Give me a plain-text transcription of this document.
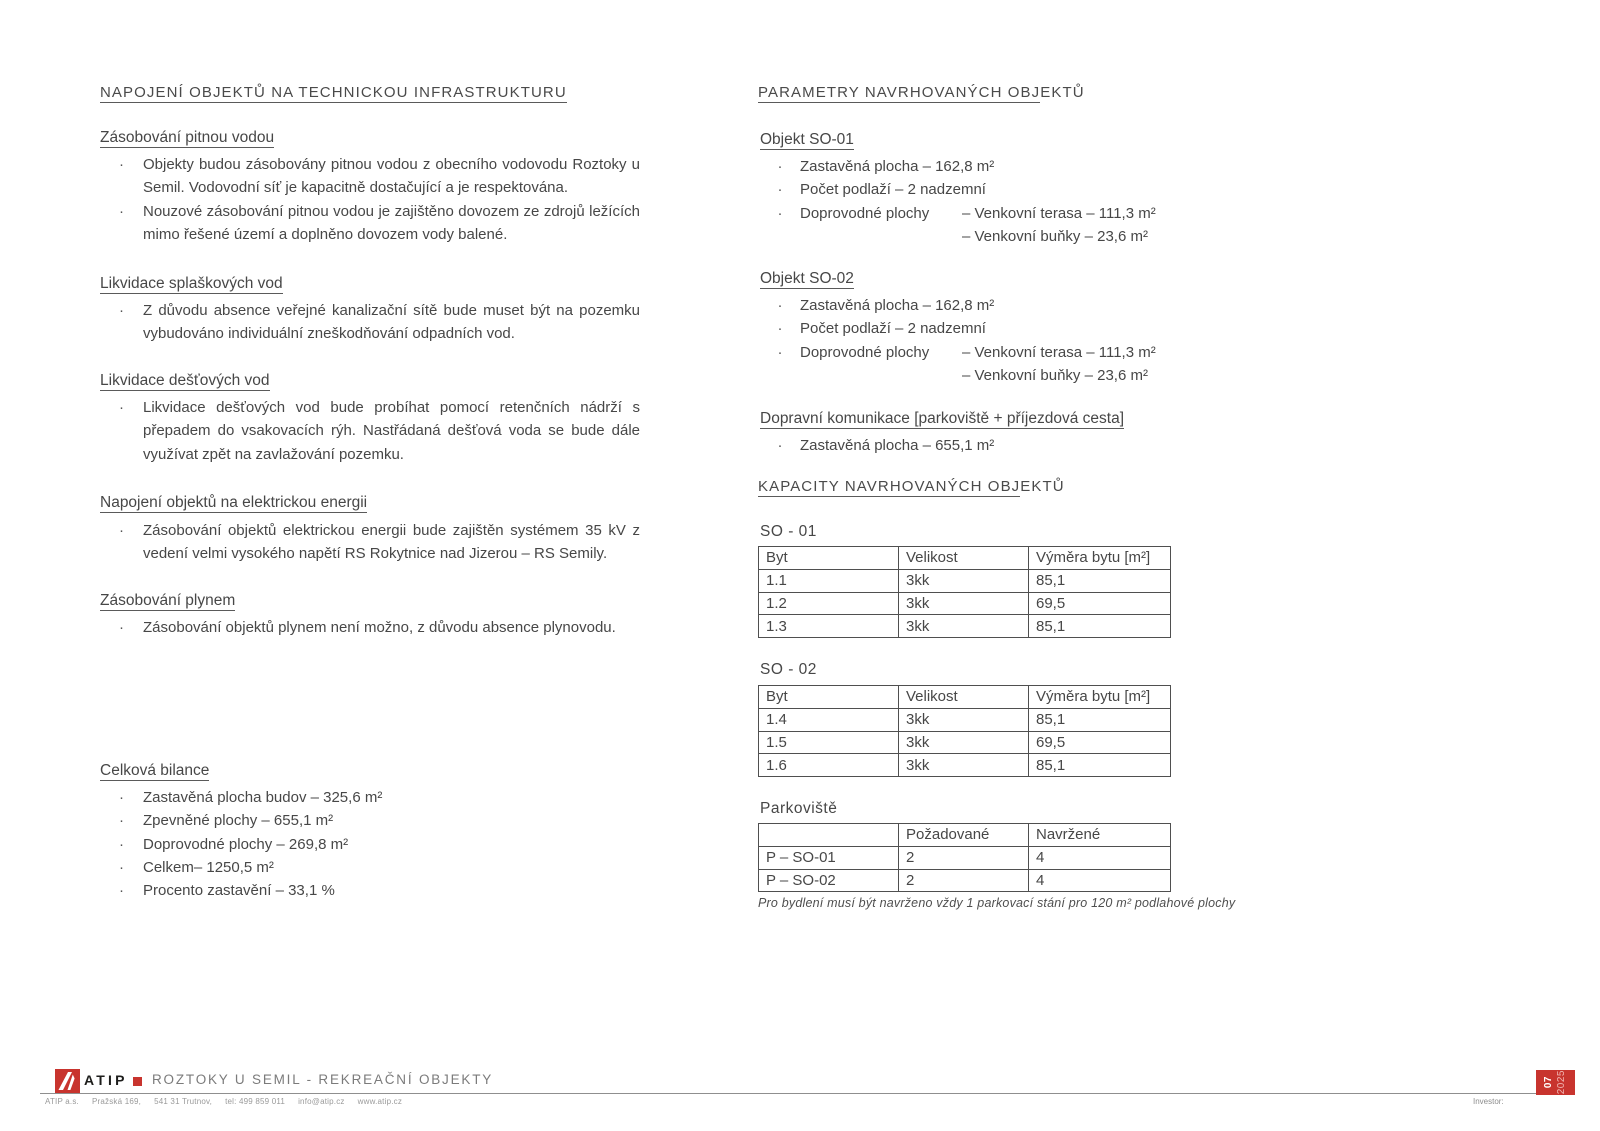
NAPOJENÍ OBJEKTŮ NA TECHNICKOU INFRASTRUKTURU
Zásobování pitnou vodou
·	Objekty budou zásobovány pitnou vodou z obecního vodovodu Roztoky u Semil. Vodovodní síť je kapacitně dostačující a je respektována.

·	Nouzové zásobování pitnou vodou je zajištěno dovozem ze zdrojů ležících mimo řešené území a doplněno dovozem vody balené.

Likvidace splaškových vod
·	Z důvodu absence veřejné kanalizační sítě bude muset být na pozemku vybudováno individuální zneškodňování odpadních vod.

Likvidace dešťových vod
·	Likvidace dešťových vod bude probíhat pomocí retenčních nádrží s přepadem do vsakovacích rýh. Nastřádaná dešťová voda se bude dále využívat zpět na zavlažování pozemku.

Napojení objektů na elektrickou energii
·	Zásobování objektů elektrickou energii bude zajištěn systémem 35 kV z vedení velmi vysokého napětí RS Rokytnice nad Jizerou – RS Semily.

Zásobování plynem
·	Zásobování objektů plynem není možno, z důvodu absence plynovodu.

Celková bilance
·	Zastavěná plocha budov – 325,6 m²

·	Zpevněné plochy – 655,1 m²

·	Doprovodné plochy – 269,8 m²

·	Celkem– 1250,5 m²

·	Procento zastavění – 33,1 %

PARAMETRY NAVRHOVANÝCH OBJEKTŮ
Objekt SO-01
·	Zastavěná plocha – 162,8 m²

·	Počet podlaží – 2 nadzemní

·	Doprovodné plochy	– Venkovní terasa – 111,3 m²
– Venkovní buňky – 23,6 m²
Objekt SO-02
·	Zastavěná plocha – 162,8 m²

·	Počet podlaží – 2 nadzemní

·	Doprovodné plochy	– Venkovní terasa – 111,3 m²
– Venkovní buňky – 23,6 m²
Dopravní komunikace [parkoviště + příjezdová cesta]
·	Zastavěná plocha – 655,1 m²

KAPACITY NAVRHOVANÝCH OBJEKTŮ
SO - 01
Byt	Velikost	Výměra bytu [m²]
1.1	3kk	85,1
1.2	3kk	69,5
1.3	3kk	85,1
SO - 02
Byt	Velikost	Výměra bytu [m²]
1.4	3kk	85,1
1.5	3kk	69,5
1.6	3kk	85,1
Parkoviště
	Požadované	Navržené
P – SO-01	2	4
P – SO-02	2	4
Pro bydlení musí být navrženo vždy 1 parkovací stání pro 120 m² podlahové plochy
ATIP ROZTOKY U SEMIL - REKREAČNÍ OBJEKTY	07 2025
ATIP a.s. Pražská 169, 541 31 Trutnov, tel: 499 859 011 info@atip.cz www.atip.cz	Investor:
